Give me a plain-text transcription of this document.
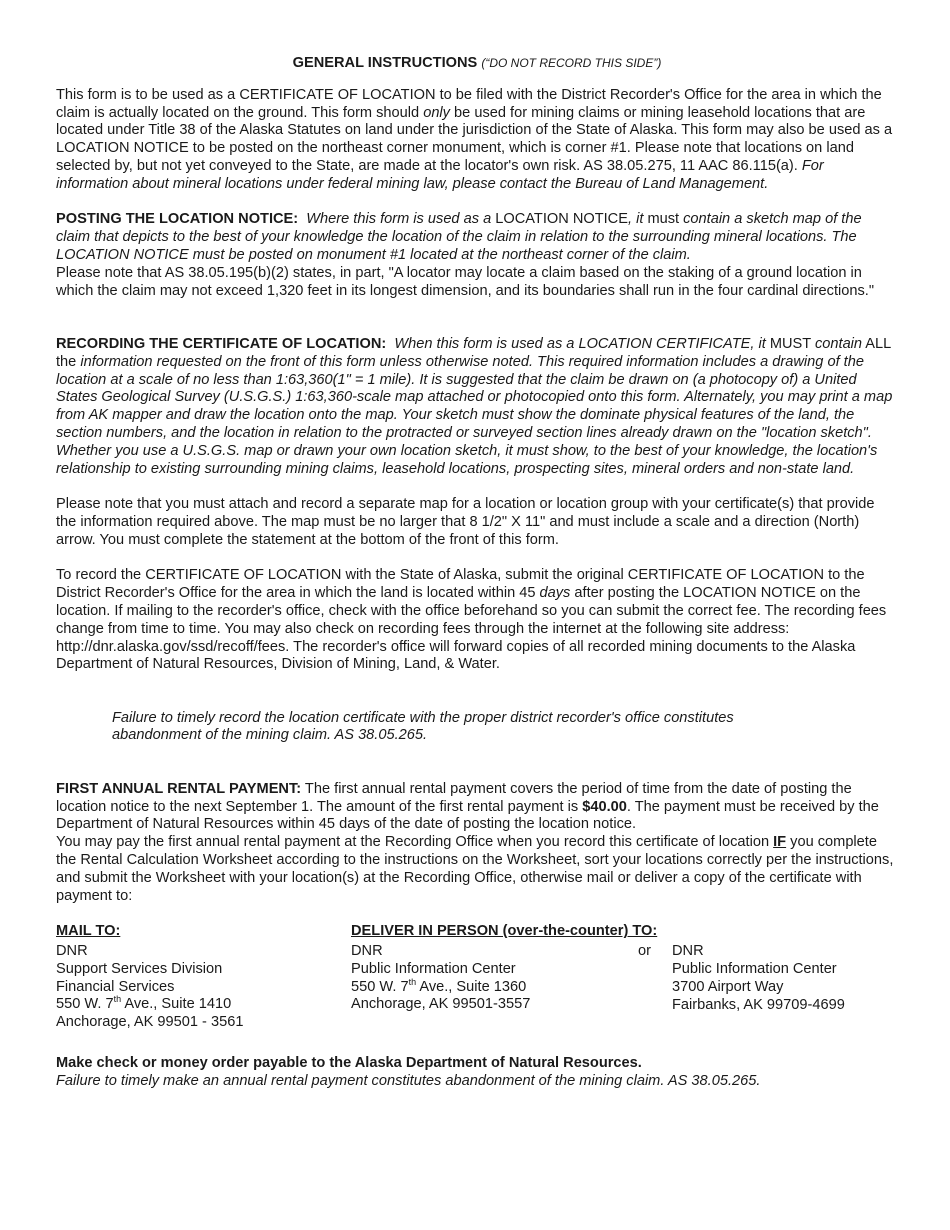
GENERAL INSTRUCTIONS (“DO NOT RECORD THIS SIDE”)

This form is to be used as a CERTIFICATE OF LOCATION to be filed with the District Recorder's Office for the area in which the claim is actually located on the ground. This form should only be used for mining claims or mining leasehold locations that are located under Title 38 of the Alaska Statutes on land under the jurisdiction of the State of Alaska. This form may also be used as a LOCATION NOTICE to be posted on the northeast corner monument, which is corner #1. Please note that locations on land selected by, but not yet conveyed to the State, are made at the locator's own risk. AS 38.05.275, 11 AAC 86.115(a). For information about mineral locations under federal mining law, please contact the Bureau of Land Management.

POSTING THE LOCATION NOTICE: Where this form is used as a LOCATION NOTICE, it must contain a sketch map of the claim that depicts to the best of your knowledge the location of the claim in relation to the surrounding mineral locations. The LOCATION NOTICE must be posted on monument #1 located at the northeast corner of the claim.

Please note that AS 38.05.195(b)(2) states, in part, "A locator may locate a claim based on the staking of a ground location in which the claim may not exceed 1,320 feet in its longest dimension, and its boundaries shall run in the four cardinal directions."

RECORDING THE CERTIFICATE OF LOCATION: When this form is used as a LOCATION CERTIFICATE, it MUST contain ALL the information requested on the front of this form unless otherwise noted. This required information includes a drawing of the location at a scale of no less than 1:63,360(1" = 1 mile). It is suggested that the claim be drawn on (a photocopy of) a United States Geological Survey (U.S.G.S.) 1:63,360-scale map attached or photocopied onto this form. Alternately, you may print a map from AK mapper and draw the location onto the map. Your sketch must show the dominate physical features of the land, the section numbers, and the location in relation to the protracted or surveyed section lines already drawn on the "location sketch". Whether you use a U.S.G.S. map or drawn your own location sketch, it must show, to the best of your knowledge, the location's relationship to existing surrounding mining claims, leasehold locations, prospecting sites, mineral orders and non-state land.

Please note that you must attach and record a separate map for a location or location group with your certificate(s) that provide the information required above. The map must be no larger that 8 1/2" X 11" and must include a scale and a direction (North) arrow. You must complete the statement at the bottom of the front of this form.

To record the CERTIFICATE OF LOCATION with the State of Alaska, submit the original CERTIFICATE OF LOCATION to the District Recorder's Office for the area in which the land is located within 45 days after posting the LOCATION NOTICE on the location. If mailing to the recorder's office, check with the office beforehand so you can submit the correct fee. The recording fees change from time to time. You may also check on recording fees through the internet at the following site address: http://dnr.alaska.gov/ssd/recoff/fees. The recorder's office will forward copies of all recorded mining documents to the Alaska Department of Natural Resources, Division of Mining, Land, & Water.

Failure to timely record the location certificate with the proper district recorder's office constitutes
abandonment of the mining claim. AS 38.05.265.

FIRST ANNUAL RENTAL PAYMENT: The first annual rental payment covers the period of time from the date of posting the location notice to the next September 1. The amount of the first rental payment is $40.00. The payment must be received by the Department of Natural Resources within 45 days of the date of posting the location notice.

You may pay the first annual rental payment at the Recording Office when you record this certificate of location IF you complete the Rental Calculation Worksheet according to the instructions on the Worksheet, sort your locations correctly per the instructions, and submit the Worksheet with your location(s) at the Recording Office, otherwise mail or deliver a copy of the certificate with payment to:

MAIL TO:
DNR
Support Services Division
Financial Services
550 W. 7th Ave., Suite 1410
Anchorage, AK 99501 - 3561
DELIVER IN PERSON (over-the-counter) TO:
DNR
Public Information Center
550 W. 7th Ave., Suite 1360
Anchorage, AK 99501-3557
or DNR
Public Information Center
3700 Airport Way
Fairbanks, AK 99709-4699
Make check or money order payable to the Alaska Department of Natural Resources.
Failure to timely make an annual rental payment constitutes abandonment of the mining claim. AS 38.05.265.
